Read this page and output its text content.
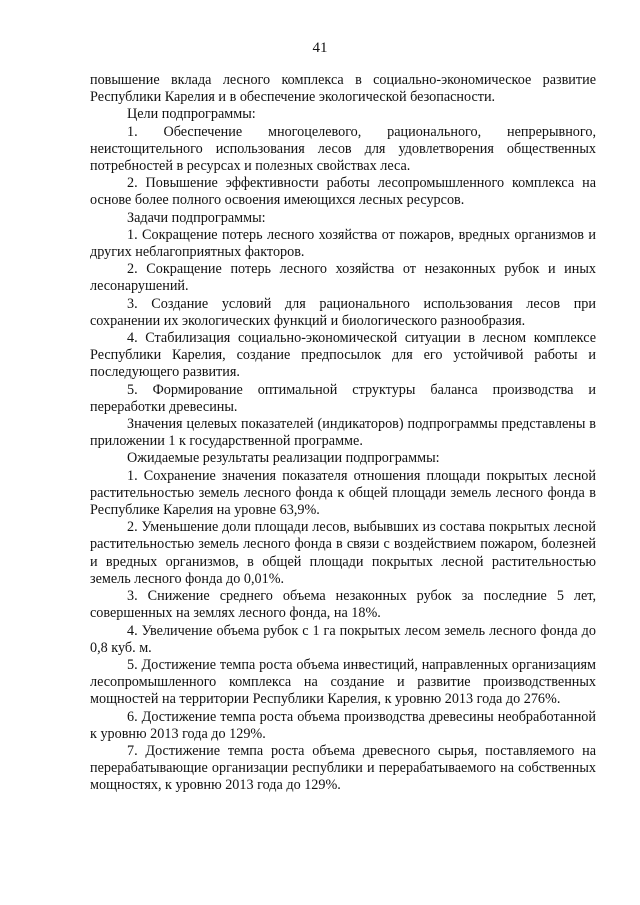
41

повышение вклада лесного комплекса в социально-экономическое развитие Республики Карелия и в обеспечение экологической безопасности.

Цели подпрограммы:

1. Обеспечение многоцелевого, рационального, непрерывного, неистощительного использования лесов для удовлетворения общественных потребностей в ресурсах и полезных свойствах леса.

2. Повышение эффективности работы лесопромышленного комплекса на основе более полного освоения имеющихся лесных ресурсов.

Задачи подпрограммы:

1. Сокращение потерь лесного хозяйства от пожаров, вредных организмов и других неблагоприятных факторов.

2. Сокращение потерь лесного хозяйства от незаконных рубок и иных лесонарушений.

3. Создание условий для рационального использования лесов при сохранении их экологических функций и биологического разнообразия.

4. Стабилизация социально-экономической ситуации в лесном комплексе Республики Карелия, создание предпосылок для его устойчивой работы и последующего развития.

5. Формирование оптимальной структуры баланса производства и переработки древесины.

Значения целевых показателей (индикаторов) подпрограммы представлены в приложении 1 к государственной программе.

Ожидаемые результаты реализации подпрограммы:

1. Сохранение значения показателя отношения площади покрытых лесной растительностью земель лесного фонда к общей площади земель лесного фонда в Республике Карелия на уровне 63,9%.

2. Уменьшение доли площади лесов, выбывших из состава покрытых лесной растительностью земель лесного фонда в связи с воздействием пожаром, болезней и вредных организмов, в общей площади покрытых лесной растительностью земель лесного фонда до 0,01%.

3. Снижение среднего объема незаконных рубок за последние 5 лет, совершенных на землях лесного фонда, на 18%.

4. Увеличение объема рубок с 1 га покрытых лесом земель лесного фонда до 0,8 куб. м.

5. Достижение темпа роста объема инвестиций, направленных организациям лесопромышленного комплекса на создание и развитие производственных мощностей на территории Республики Карелия, к уровню 2013 года до 276%.

6. Достижение темпа роста объема производства древесины необработанной к уровню 2013 года до 129%.

7. Достижение темпа роста объема древесного сырья, поставляемого на перерабатывающие организации республики и перерабатываемого на собственных мощностях, к уровню 2013 года до 129%.
